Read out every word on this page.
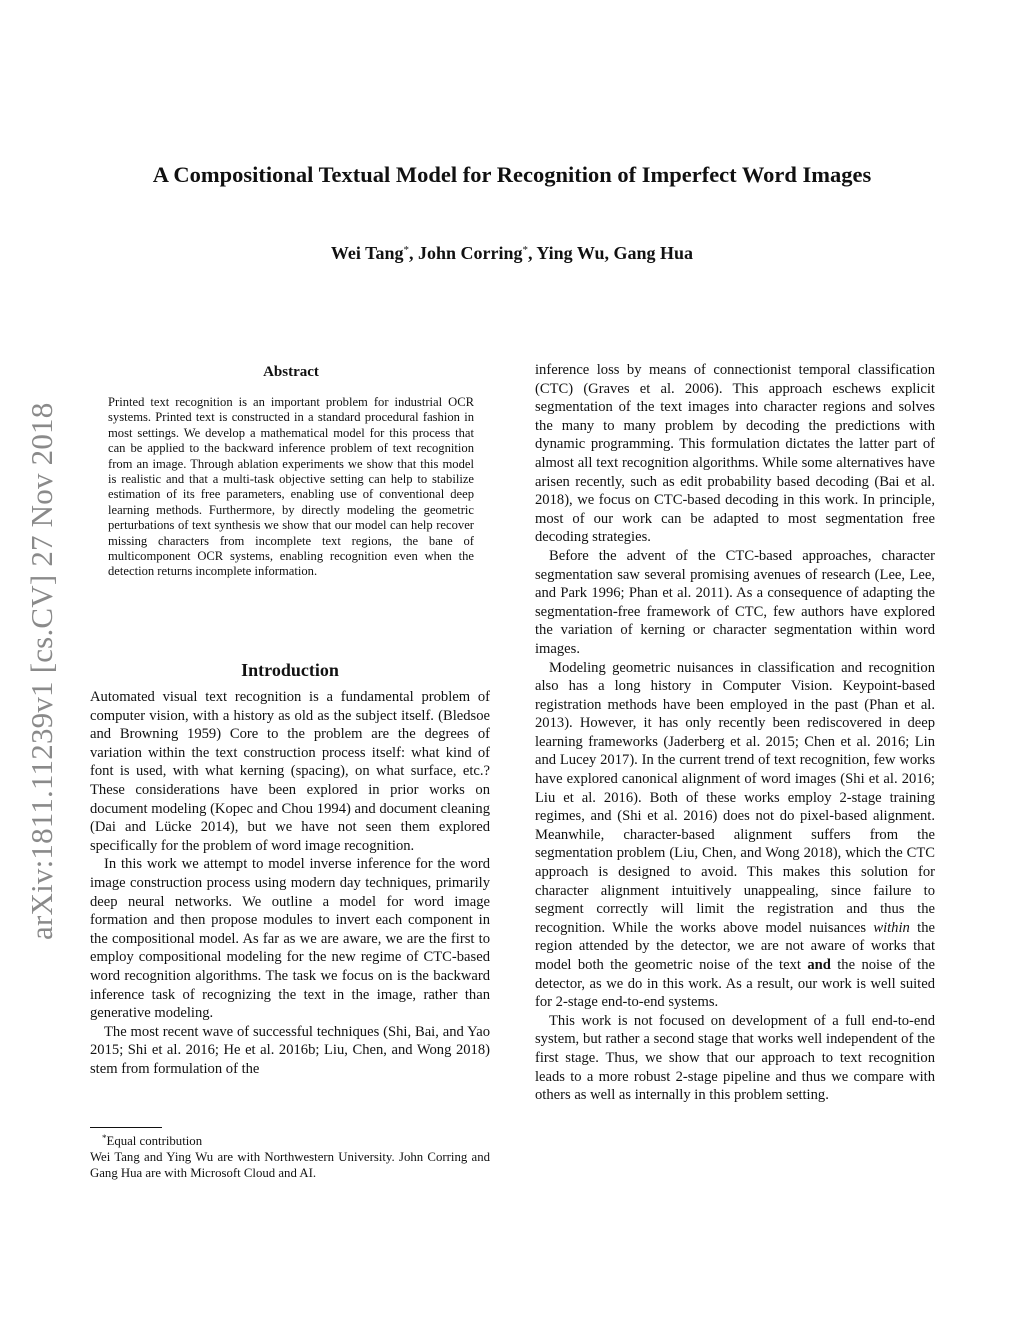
A Compositional Textual Model for Recognition of Imperfect Word Images
Wei Tang*, John Corring*, Ying Wu, Gang Hua
arXiv:1811.11239v1 [cs.CV] 27 Nov 2018
Abstract

Printed text recognition is an important problem for industrial OCR systems. Printed text is constructed in a standard procedural fashion in most settings. We develop a mathematical model for this process that can be applied to the backward inference problem of text recognition from an image. Through ablation experiments we show that this model is realistic and that a multi-task objective setting can help to stabilize estimation of its free parameters, enabling use of conventional deep learning methods. Furthermore, by directly modeling the geometric perturbations of text synthesis we show that our model can help recover missing characters from incomplete text regions, the bane of multicomponent OCR systems, enabling recognition even when the detection returns incomplete information.

Introduction

Automated visual text recognition is a fundamental problem of computer vision, with a history as old as the subject itself. (Bledsoe and Browning 1959) Core to the problem are the degrees of variation within the text construction process itself: what kind of font is used, with what kerning (spacing), on what surface, etc.? These considerations have been explored in prior works on document modeling (Kopec and Chou 1994) and document cleaning (Dai and Lücke 2014), but we have not seen them explored specifically for the problem of word image recognition.

In this work we attempt to model inverse inference for the word image construction process using modern day techniques, primarily deep neural networks. We outline a model for word image formation and then propose modules to invert each component in the compositional model. As far as we are aware, we are the first to employ compositional modeling for the new regime of CTC-based word recognition algorithms. The task we focus on is the backward inference task of recognizing the text in the image, rather than generative modeling.

The most recent wave of successful techniques (Shi, Bai, and Yao 2015; Shi et al. 2016; He et al. 2016b; Liu, Chen, and Wong 2018) stem from formulation of the

inference loss by means of connectionist temporal classification (CTC) (Graves et al. 2006). This approach eschews explicit segmentation of the text images into character regions and solves the many to many problem by decoding the predictions with dynamic programming. This formulation dictates the latter part of almost all text recognition algorithms. While some alternatives have arisen recently, such as edit probability based decoding (Bai et al. 2018), we focus on CTC-based decoding in this work. In principle, most of our work can be adapted to most segmentation free decoding strategies.

Before the advent of the CTC-based approaches, character segmentation saw several promising avenues of research (Lee, Lee, and Park 1996; Phan et al. 2011). As a consequence of adapting the segmentation-free framework of CTC, few authors have explored the variation of kerning or character segmentation within word images.

Modeling geometric nuisances in classification and recognition also has a long history in Computer Vision. Keypoint-based registration methods have been employed in the past (Phan et al. 2013). However, it has only recently been rediscovered in deep learning frameworks (Jaderberg et al. 2015; Chen et al. 2016; Lin and Lucey 2017). In the current trend of text recognition, few works have explored canonical alignment of word images (Shi et al. 2016; Liu et al. 2016). Both of these works employ 2-stage training regimes, and (Shi et al. 2016) does not do pixel-based alignment. Meanwhile, character-based alignment suffers from the segmentation problem (Liu, Chen, and Wong 2018), which the CTC approach is designed to avoid. This makes this solution for character alignment intuitively unappealing, since failure to segment correctly will limit the registration and thus the recognition. While the works above model nuisances within the region attended by the detector, we are not aware of works that model both the geometric noise of the text and the noise of the detector, as we do in this work. As a result, our work is well suited for 2-stage end-to-end systems.

This work is not focused on development of a full end-to-end system, but rather a second stage that works well independent of the first stage. Thus, we show that our approach to text recognition leads to a more robust 2-stage pipeline and thus we compare with others as well as internally in this problem setting.

*Equal contribution

Wei Tang and Ying Wu are with Northwestern University. John Corring and Gang Hua are with Microsoft Cloud and AI.
